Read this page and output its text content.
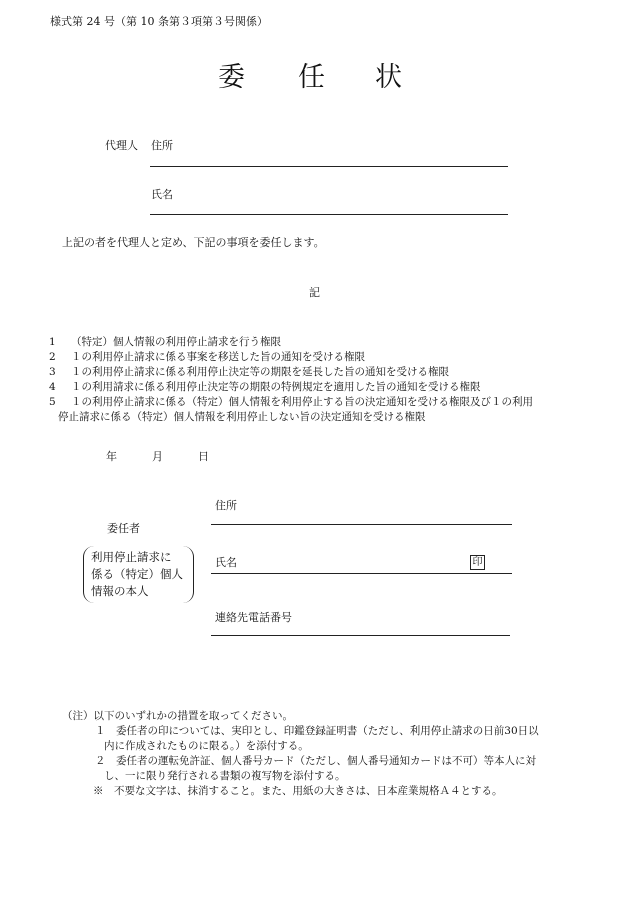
様式第 24 号（第 10 条第３項第３号関係）
委 任 状
代理人 住所
氏名
上記の者を代理人と定め、下記の事項を委任します。
記
1 （特定）個人情報の利用停止請求を行う権限
2 １の利用停止請求に係る事案を移送した旨の通知を受ける権限
3 １の利用停止請求に係る利用停止決定等の期限を延長した旨の通知を受ける権限
4 １の利用請求に係る利用停止決定等の期限の特例規定を適用した旨の通知を受ける権限
5 １の利用停止請求に係る（特定）個人情報を利用停止する旨の決定通知を受ける権限及び１の利用
停止請求に係る（特定）個人情報を利用停止しない旨の決定通知を受ける権限
年	月	日
住所
委任者
利用停止請求に
係る（特定）個人
情報の本人
氏名	印
連絡先電話番号
（注）以下のいずれかの措置を取ってください。
１　委任者の印については、実印とし、印鑑登録証明書（ただし、利用停止請求の日前30日以
内に作成されたものに限る。）を添付する。
２　委任者の運転免許証、個人番号カード（ただし、個人番号通知カードは不可）等本人に対
し、一に限り発行される書類の複写物を添付する。
※　不要な文字は、抹消すること。また、用紙の大きさは、日本産業規格Ａ４とする。
